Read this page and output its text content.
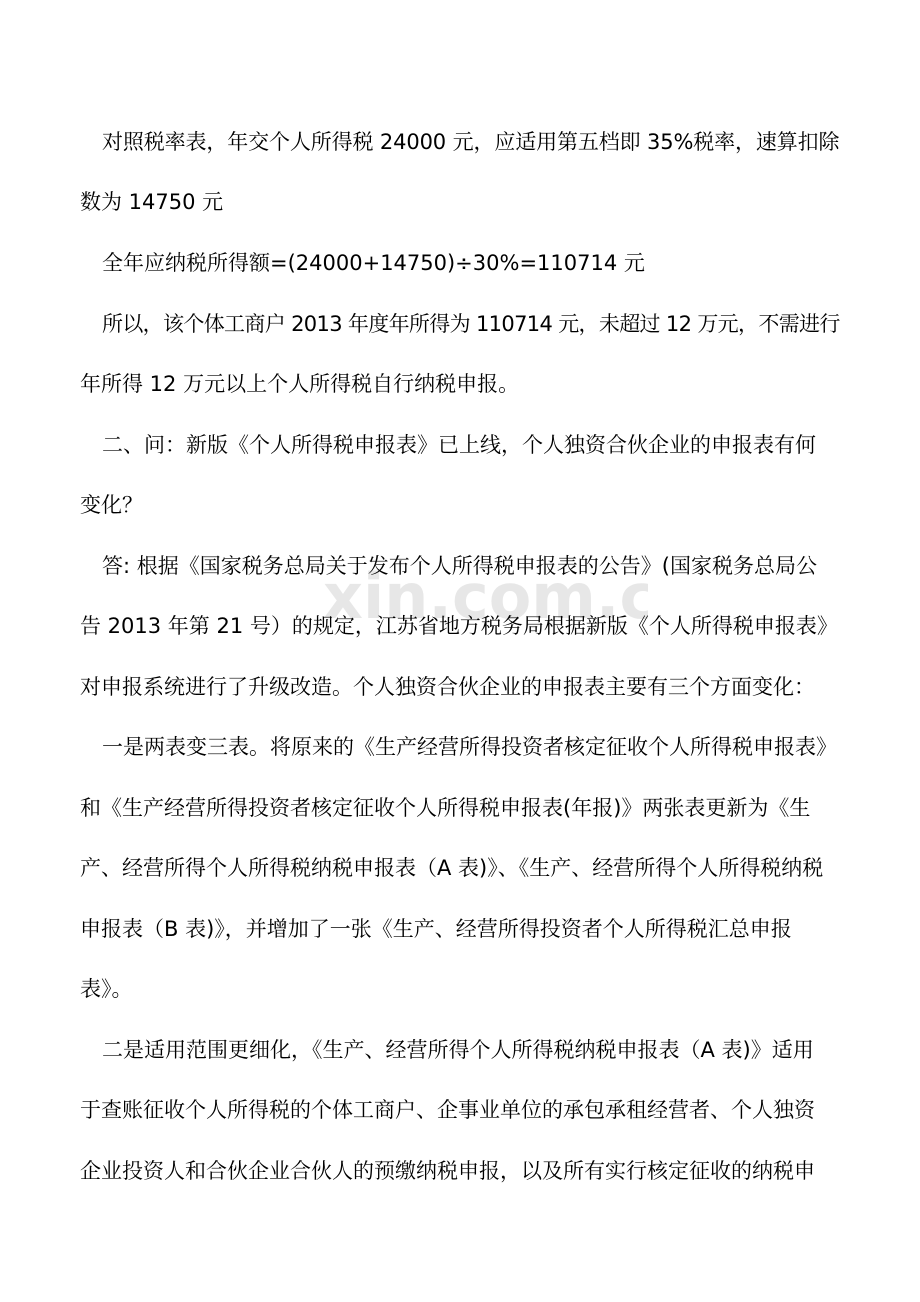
xin.com.c
对照税率表，年交个人所得税 24000 元，应适用第五档即 35%税率，速算扣除
数为 14750 元
全年应纳税所得额=(24000+14750)÷30%=110714 元
所以，该个体工商户 2013 年度年所得为 110714 元，未超过 12 万元，不需进行
年所得 12 万元以上个人所得税自行纳税申报。
二、问：新版《个人所得税申报表》已上线，个人独资合伙企业的申报表有何
变化？
答: 根据《国家税务总局关于发布个人所得税申报表的公告》(国家税务总局公
告 2013 年第 21 号）的规定，江苏省地方税务局根据新版《个人所得税申报表》
对申报系统进行了升级改造。个人独资合伙企业的申报表主要有三个方面变化：
一是两表变三表。将原来的《生产经营所得投资者核定征收个人所得税申报表》
和《生产经营所得投资者核定征收个人所得税申报表(年报)》两张表更新为《生
产、经营所得个人所得税纳税申报表（A 表)》、《生产、经营所得个人所得税纳税
申报表（B 表)》，并增加了一张《生产、经营所得投资者个人所得税汇总申报
表》。
二是适用范围更细化，《生产、经营所得个人所得税纳税申报表（A 表)》适用
于查账征收个人所得税的个体工商户、企事业单位的承包承租经营者、个人独资
企业投资人和合伙企业合伙人的预缴纳税申报，以及所有实行核定征收的纳税申
